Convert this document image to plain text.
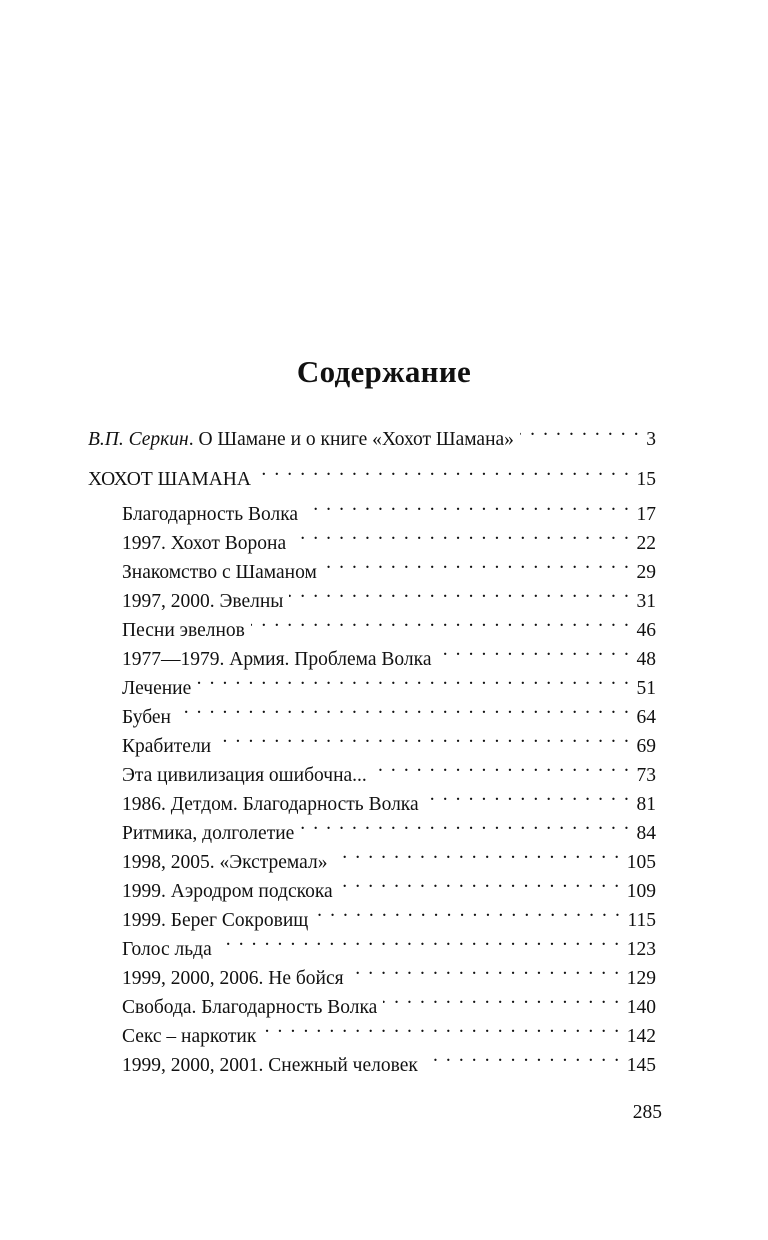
Содержание
В.П. Серкин. О Шамане и о книге «Хохот Шамана» . . .	3
ХОХОТ ШАМАНА . . .	15
Благодарность Волка . . .	17
1997. Хохот Ворона . . .	22
Знакомство с Шаманом . . .	29
1997, 2000. Эвелны . . .	31
Песни эвелнов . . .	46
1977—1979. Армия. Проблема Волка . . .	48
Лечение . . .	51
Бубен . . .	64
Крабители . . .	69
Эта цивилизация ошибочна... . . .	73
1986. Детдом. Благодарность Волка . . .	81
Ритмика, долголетие . . .	84
1998, 2005. «Экстремал» . . .	105
1999. Аэродром подскока . . .	109
1999. Берег Сокровищ . . .	115
Голос льда . . .	123
1999, 2000, 2006. Не бойся . . .	129
Свобода. Благодарность Волка . . .	140
Секс – наркотик . . .	142
1999, 2000, 2001. Снежный человек . . .	145
285
